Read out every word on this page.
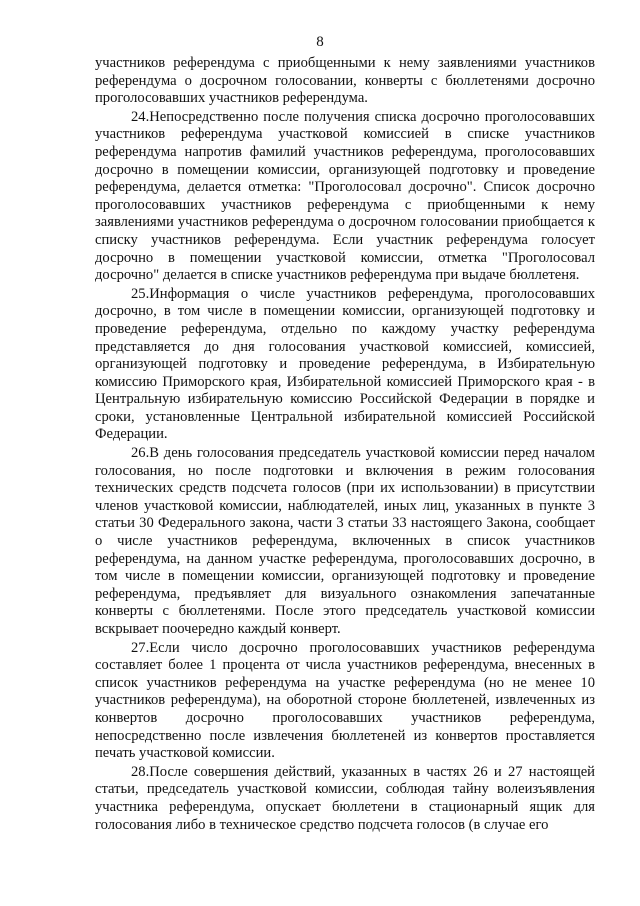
8

участников референдума с приобщенными к нему заявлениями участников референдума о досрочном голосовании, конверты с бюллетенями досрочно проголосовавших участников референдума.

24.Непосредственно после получения списка досрочно проголосовавших участников референдума участковой комиссией в списке участников референдума напротив фамилий участников референдума, проголосовавших досрочно в помещении комиссии, организующей подготовку и проведение референдума, делается отметка: "Проголосовал досрочно". Список досрочно проголосовавших участников референдума с приобщенными к нему заявлениями участников референдума о досрочном голосовании приобщается к списку участников референдума. Если участник референдума голосует досрочно в помещении участковой комиссии, отметка "Проголосовал досрочно" делается в списке участников референдума при выдаче бюллетеня.

25.Информация о числе участников референдума, проголосовавших досрочно, в том числе в помещении комиссии, организующей подготовку и проведение референдума, отдельно по каждому участку референдума представляется до дня голосования участковой комиссией, комиссией, организующей подготовку и проведение референдума, в Избирательную комиссию Приморского края, Избирательной комиссией Приморского края - в Центральную избирательную комиссию Российской Федерации в порядке и сроки, установленные Центральной избирательной комиссией Российской Федерации.

26.В день голосования председатель участковой комиссии перед началом голосования, но после подготовки и включения в режим голосования технических средств подсчета голосов (при их использовании) в присутствии членов участковой комиссии, наблюдателей, иных лиц, указанных в пункте 3 статьи 30 Федерального закона, части 3 статьи 33 настоящего Закона, сообщает о числе участников референдума, включенных в список участников референдума, на данном участке референдума, проголосовавших досрочно, в том числе в помещении комиссии, организующей подготовку и проведение референдума, предъявляет для визуального ознакомления запечатанные конверты с бюллетенями. После этого председатель участковой комиссии вскрывает поочередно каждый конверт.

27.Если число досрочно проголосовавших участников референдума составляет более 1 процента от числа участников референдума, внесенных в список участников референдума на участке референдума (но не менее 10 участников референдума), на оборотной стороне бюллетеней, извлеченных из конвертов досрочно проголосовавших участников референдума, непосредственно после извлечения бюллетеней из конвертов проставляется печать участковой комиссии.

28.После совершения действий, указанных в частях 26 и 27 настоящей статьи, председатель участковой комиссии, соблюдая тайну волеизъявления участника референдума, опускает бюллетени в стационарный ящик для голосования либо в техническое средство подсчета голосов (в случае его
